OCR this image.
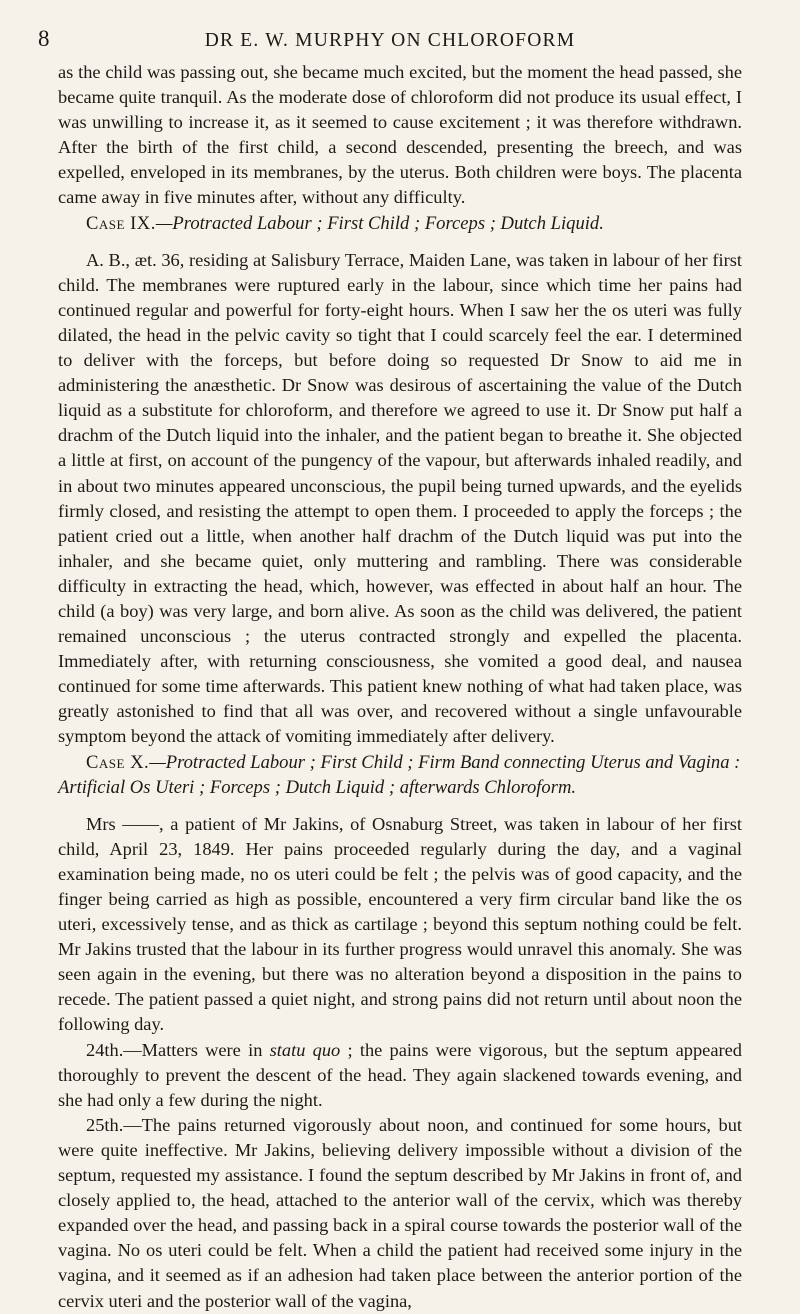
8	DR E. W. MURPHY ON CHLOROFORM

as the child was passing out, she became much excited, but the moment the head passed, she became quite tranquil. As the moderate dose of chloroform did not produce its usual effect, I was unwilling to increase it, as it seemed to cause excitement ; it was therefore withdrawn. After the birth of the first child, a second descended, presenting the breech, and was expelled, enveloped in its membranes, by the uterus. Both children were boys. The placenta came away in five minutes after, without any difficulty.

Case IX.—Protracted Labour ; First Child ; Forceps ; Dutch Liquid.

A. B., æt. 36, residing at Salisbury Terrace, Maiden Lane, was taken in labour of her first child. The membranes were ruptured early in the labour, since which time her pains had continued regular and powerful for forty-eight hours. When I saw her the os uteri was fully dilated, the head in the pelvic cavity so tight that I could scarcely feel the ear. I determined to deliver with the forceps, but before doing so requested Dr Snow to aid me in administering the anæsthetic. Dr Snow was desirous of ascertaining the value of the Dutch liquid as a substitute for chloroform, and therefore we agreed to use it. Dr Snow put half a drachm of the Dutch liquid into the inhaler, and the patient began to breathe it. She objected a little at first, on account of the pungency of the vapour, but afterwards inhaled readily, and in about two minutes appeared unconscious, the pupil being turned upwards, and the eyelids firmly closed, and resisting the attempt to open them. I proceeded to apply the forceps ; the patient cried out a little, when another half drachm of the Dutch liquid was put into the inhaler, and she became quiet, only muttering and rambling. There was considerable difficulty in extracting the head, which, however, was effected in about half an hour. The child (a boy) was very large, and born alive. As soon as the child was delivered, the patient remained unconscious ; the uterus contracted strongly and expelled the placenta. Immediately after, with returning consciousness, she vomited a good deal, and nausea continued for some time afterwards. This patient knew nothing of what had taken place, was greatly astonished to find that all was over, and recovered without a single unfavourable symptom beyond the attack of vomiting immediately after delivery.

Case X.—Protracted Labour ; First Child ; Firm Band connecting Uterus and Vagina : Artificial Os Uteri ; Forceps ; Dutch Liquid ; afterwards Chloroform.

Mrs ——, a patient of Mr Jakins, of Osnaburg Street, was taken in labour of her first child, April 23, 1849. Her pains proceeded regularly during the day, and a vaginal examination being made, no os uteri could be felt ; the pelvis was of good capacity, and the finger being carried as high as possible, encountered a very firm circular band like the os uteri, excessively tense, and as thick as cartilage ; beyond this septum nothing could be felt. Mr Jakins trusted that the labour in its further progress would unravel this anomaly. She was seen again in the evening, but there was no alteration beyond a disposition in the pains to recede. The patient passed a quiet night, and strong pains did not return until about noon the following day.

24th.—Matters were in statu quo ; the pains were vigorous, but the septum appeared thoroughly to prevent the descent of the head. They again slackened towards evening, and she had only a few during the night.

25th.—The pains returned vigorously about noon, and continued for some hours, but were quite ineffective. Mr Jakins, believing delivery impossible without a division of the septum, requested my assistance. I found the septum described by Mr Jakins in front of, and closely applied to, the head, attached to the anterior wall of the cervix, which was thereby expanded over the head, and passing back in a spiral course towards the posterior wall of the vagina. No os uteri could be felt. When a child the patient had received some injury in the vagina, and it seemed as if an adhesion had taken place between the anterior portion of the cervix uteri and the posterior wall of the vagina,
